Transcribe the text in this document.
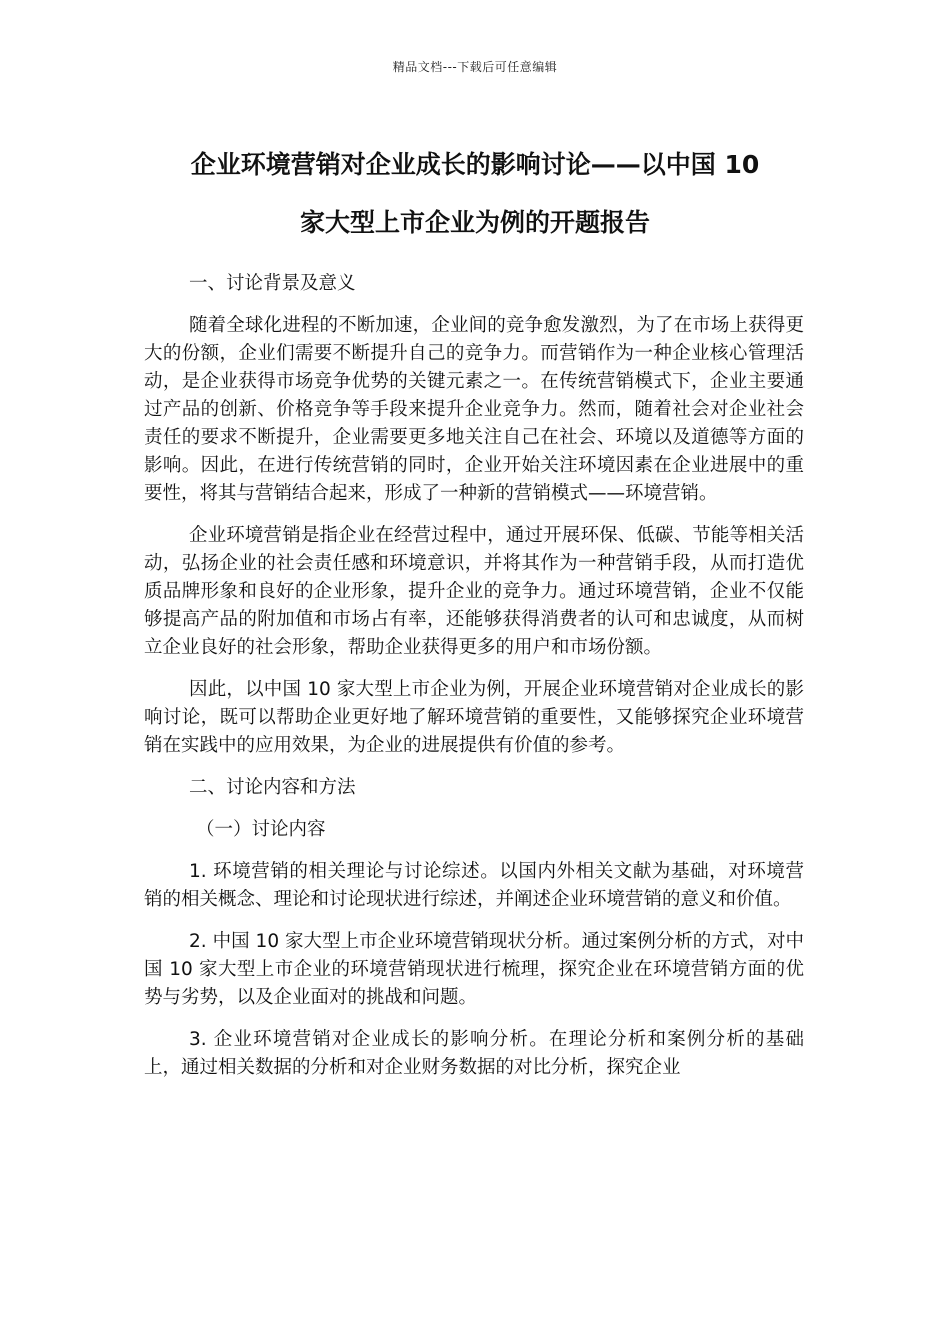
精品文档---下载后可任意编辑
企业环境营销对企业成长的影响讨论——以中国 10
家大型上市企业为例的开题报告

一、讨论背景及意义

随着全球化进程的不断加速，企业间的竞争愈发激烈，为了在市场上获得更大的份额，企业们需要不断提升自己的竞争力。而营销作为一种企业核心管理活动，是企业获得市场竞争优势的关键元素之一。在传统营销模式下，企业主要通过产品的创新、价格竞争等手段来提升企业竞争力。然而，随着社会对企业社会责任的要求不断提升，企业需要更多地关注自己在社会、环境以及道德等方面的影响。因此，在进行传统营销的同时，企业开始关注环境因素在企业进展中的重要性，将其与营销结合起来，形成了一种新的营销模式——环境营销。

企业环境营销是指企业在经营过程中，通过开展环保、低碳、节能等相关活动，弘扬企业的社会责任感和环境意识，并将其作为一种营销手段，从而打造优质品牌形象和良好的企业形象，提升企业的竞争力。通过环境营销，企业不仅能够提高产品的附加值和市场占有率，还能够获得消费者的认可和忠诚度，从而树立企业良好的社会形象，帮助企业获得更多的用户和市场份额。

因此，以中国 10 家大型上市企业为例，开展企业环境营销对企业成长的影响讨论，既可以帮助企业更好地了解环境营销的重要性，又能够探究企业环境营销在实践中的应用效果，为企业的进展提供有价值的参考。

二、讨论内容和方法

（一）讨论内容

1. 环境营销的相关理论与讨论综述。以国内外相关文献为基础，对环境营销的相关概念、理论和讨论现状进行综述，并阐述企业环境营销的意义和价值。

2. 中国 10 家大型上市企业环境营销现状分析。通过案例分析的方式，对中国 10 家大型上市企业的环境营销现状进行梳理，探究企业在环境营销方面的优势与劣势，以及企业面对的挑战和问题。

3. 企业环境营销对企业成长的影响分析。在理论分析和案例分析的基础上，通过相关数据的分析和对企业财务数据的对比分析，探究企业
